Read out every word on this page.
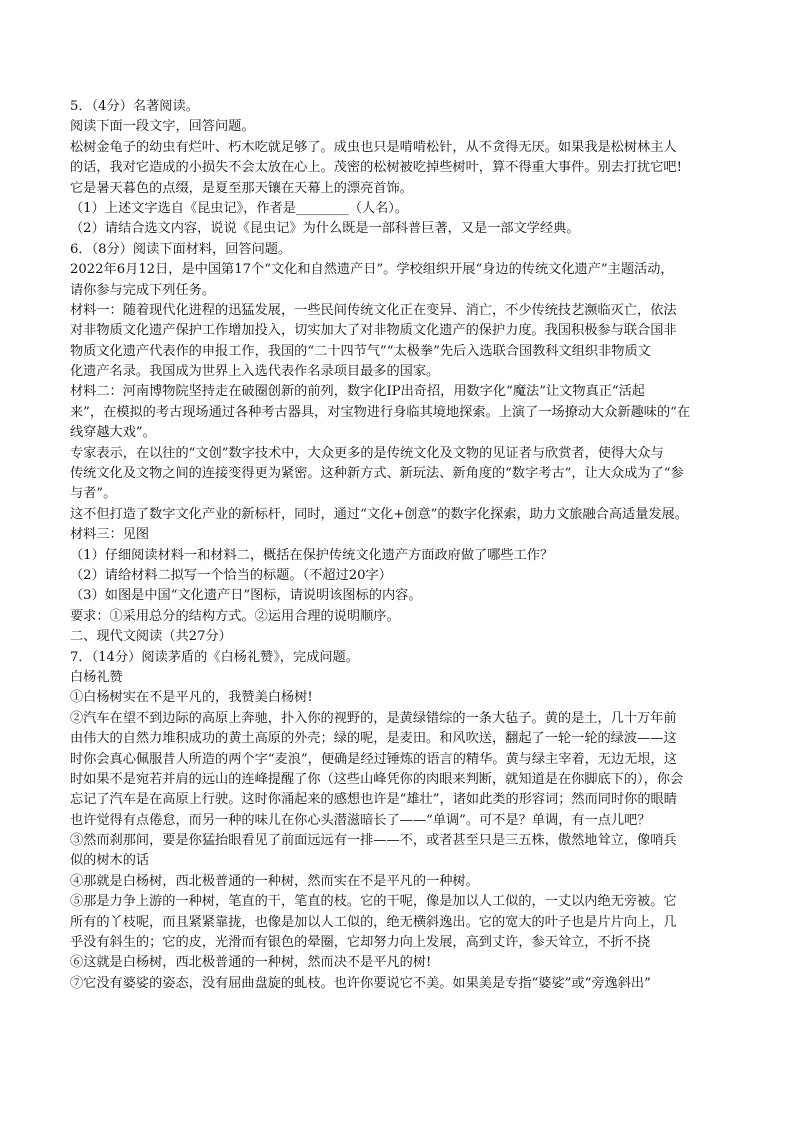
5．（4分）名著阅读。
阅读下面一段文字，回答问题。
松树金龟子的幼虫有烂叶、朽木吃就足够了。成虫也只是啃啃松针，从不贪得无厌。如果我是松树林主人
的话，我对它造成的小损失不会太放在心上。茂密的松树被吃掉些树叶，算不得重大事件。别去打扰它吧!
它是暑天暮色的点缀，是夏至那天镶在天幕上的漂亮首饰。
（1）上述文字选自《昆虫记》，作者是________（人名）。
（2）请结合选文内容，说说《昆虫记》为什么既是一部科普巨著，又是一部文学经典。
6．（8分）阅读下面材料，回答问题。
2022年6月12日，是中国第17个“文化和自然遗产日”。学校组织开展“身边的传统文化遗产”主题活动，
请你参与完成下列任务。
材料一：随着现代化进程的迅猛发展，一些民间传统文化正在变异、消亡，不少传统技艺濒临灭亡，依法
对非物质文化遗产保护工作增加投入，切实加大了对非物质文化遗产的保护力度。我国积极参与联合国非
物质文化遗产代表作的申报工作，我国的“二十四节气”“太极拳”先后入选联合国教科文组织非物质文
化遗产名录。我国成为世界上入选代表作名录项目最多的国家。
材料二：河南博物院坚持走在破圈创新的前列，数字化IP出奇招，用数字化“魔法”让文物真正“活起
来”，在模拟的考古现场通过各种考古器具，对宝物进行身临其境地探索。上演了一场撩动大众新趣味的“在
线穿越大戏”。
专家表示，在以往的“文创”数字技术中，大众更多的是传统文化及文物的见证者与欣赏者，使得大众与
传统文化及文物之间的连接变得更为紧密。这种新方式、新玩法、新角度的“数字考古”，让大众成为了“参
与者”。
这不但打造了数字文化产业的新标杆，同时，通过“文化+创意”的数字化探索，助力文旅融合高适量发展。
材料三：见图
（1）仔细阅读材料一和材料二，概括在保护传统文化遗产方面政府做了哪些工作？
（2）请给材料二拟写一个恰当的标题。（不超过20字）
（3）如图是中国“文化遗产日”图标，请说明该图标的内容。
要求：①采用总分的结构方式。②运用合理的说明顺序。
二、现代文阅读（共27分）
7．（14分）阅读茅盾的《白杨礼赞》，完成问题。
白杨礼赞
①白杨树实在不是平凡的，我赞美白杨树!
②汽车在望不到边际的高原上奔驰，扑入你的视野的，是黄绿错综的一条大毡子。黄的是土，几十万年前
由伟大的自然力堆积成功的黄土高原的外壳；绿的呢，是麦田。和风吹送，翻起了一轮一轮的绿波——这
时你会真心佩服昔人所造的两个字“麦浪”，便确是经过锤炼的语言的精华。黄与绿主宰着，无边无垠，这
时如果不是宛若并肩的远山的连峰提醒了你（这些山峰凭你的肉眼来判断，就知道是在你脚底下的），你会
忘记了汽车是在高原上行驶。这时你涌起来的感想也许是“雄壮”，诸如此类的形容词；然而同时你的眼睛
也许觉得有点倦怠，而另一种的味儿在你心头潜滋暗长了——“单调”。可不是？单调，有一点儿吧？
③然而刹那间，要是你猛抬眼看见了前面远远有一排——不，或者甚至只是三五株，傲然地耸立，像哨兵
似的树木的话
④那就是白杨树，西北极普通的一种树，然而实在不是平凡的一种树。
⑤那是力争上游的一种树，笔直的干，笔直的枝。它的干呢，像是加以人工似的，一丈以内绝无旁被。它
所有的丫枝呢，而且紧紧靠拢，也像是加以人工似的，绝无横斜逸出。它的宽大的叶子也是片片向上，几
乎没有斜生的；它的皮，光滑而有银色的晕圈，它却努力向上发展，高到丈许，参天耸立，不折不挠
⑥这就是白杨树，西北极普通的一种树，然而决不是平凡的树!
⑦它没有婆娑的姿态，没有屈曲盘旋的虬枝。也许你要说它不美。如果美是专指“婆娑”或“旁逸斜出”
